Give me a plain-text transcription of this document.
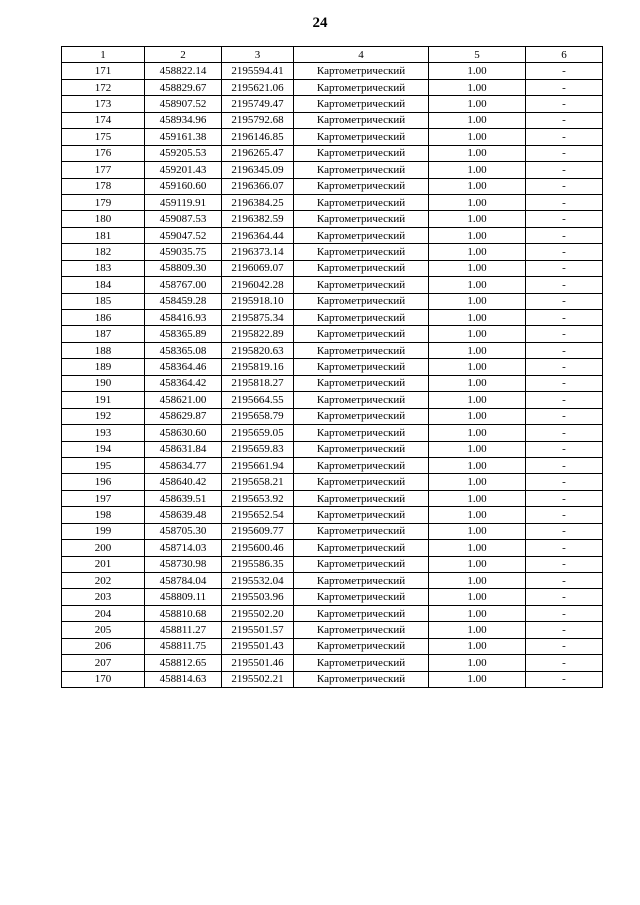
24
1	2	3	4	5	6
171	458822.14	2195594.41	Картометрический	1.00	-
172	458829.67	2195621.06	Картометрический	1.00	-
173	458907.52	2195749.47	Картометрический	1.00	-
174	458934.96	2195792.68	Картометрический	1.00	-
175	459161.38	2196146.85	Картометрический	1.00	-
176	459205.53	2196265.47	Картометрический	1.00	-
177	459201.43	2196345.09	Картометрический	1.00	-
178	459160.60	2196366.07	Картометрический	1.00	-
179	459119.91	2196384.25	Картометрический	1.00	-
180	459087.53	2196382.59	Картометрический	1.00	-
181	459047.52	2196364.44	Картометрический	1.00	-
182	459035.75	2196373.14	Картометрический	1.00	-
183	458809.30	2196069.07	Картометрический	1.00	-
184	458767.00	2196042.28	Картометрический	1.00	-
185	458459.28	2195918.10	Картометрический	1.00	-
186	458416.93	2195875.34	Картометрический	1.00	-
187	458365.89	2195822.89	Картометрический	1.00	-
188	458365.08	2195820.63	Картометрический	1.00	-
189	458364.46	2195819.16	Картометрический	1.00	-
190	458364.42	2195818.27	Картометрический	1.00	-
191	458621.00	2195664.55	Картометрический	1.00	-
192	458629.87	2195658.79	Картометрический	1.00	-
193	458630.60	2195659.05	Картометрический	1.00	-
194	458631.84	2195659.83	Картометрический	1.00	-
195	458634.77	2195661.94	Картометрический	1.00	-
196	458640.42	2195658.21	Картометрический	1.00	-
197	458639.51	2195653.92	Картометрический	1.00	-
198	458639.48	2195652.54	Картометрический	1.00	-
199	458705.30	2195609.77	Картометрический	1.00	-
200	458714.03	2195600.46	Картометрический	1.00	-
201	458730.98	2195586.35	Картометрический	1.00	-
202	458784.04	2195532.04	Картометрический	1.00	-
203	458809.11	2195503.96	Картометрический	1.00	-
204	458810.68	2195502.20	Картометрический	1.00	-
205	458811.27	2195501.57	Картометрический	1.00	-
206	458811.75	2195501.43	Картометрический	1.00	-
207	458812.65	2195501.46	Картометрический	1.00	-
170	458814.63	2195502.21	Картометрический	1.00	-
